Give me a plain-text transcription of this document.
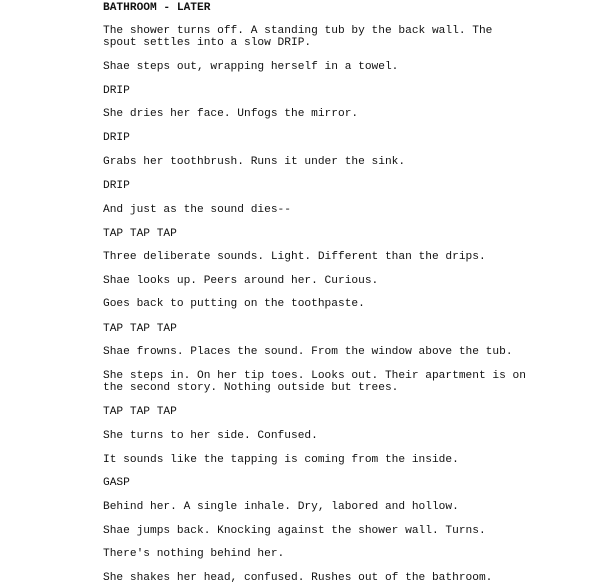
BATHROOM - LATER
The shower turns off. A standing tub by the back wall. The
spout settles into a slow DRIP.
Shae steps out, wrapping herself in a towel.
DRIP
She dries her face. Unfogs the mirror.
DRIP
Grabs her toothbrush. Runs it under the sink.
DRIP
And just as the sound dies--
TAP TAP TAP
Three deliberate sounds. Light. Different than the drips.
Shae looks up. Peers around her. Curious.
Goes back to putting on the toothpaste.
TAP TAP TAP
Shae frowns. Places the sound. From the window above the tub.
She steps in. On her tip toes. Looks out. Their apartment is on
the second story. Nothing outside but trees.
TAP TAP TAP
She turns to her side. Confused.
It sounds like the tapping is coming from the inside.
GASP
Behind her. A single inhale. Dry, labored and hollow.
Shae jumps back. Knocking against the shower wall. Turns.
There's nothing behind her.
She shakes her head, confused. Rushes out of the bathroom.
